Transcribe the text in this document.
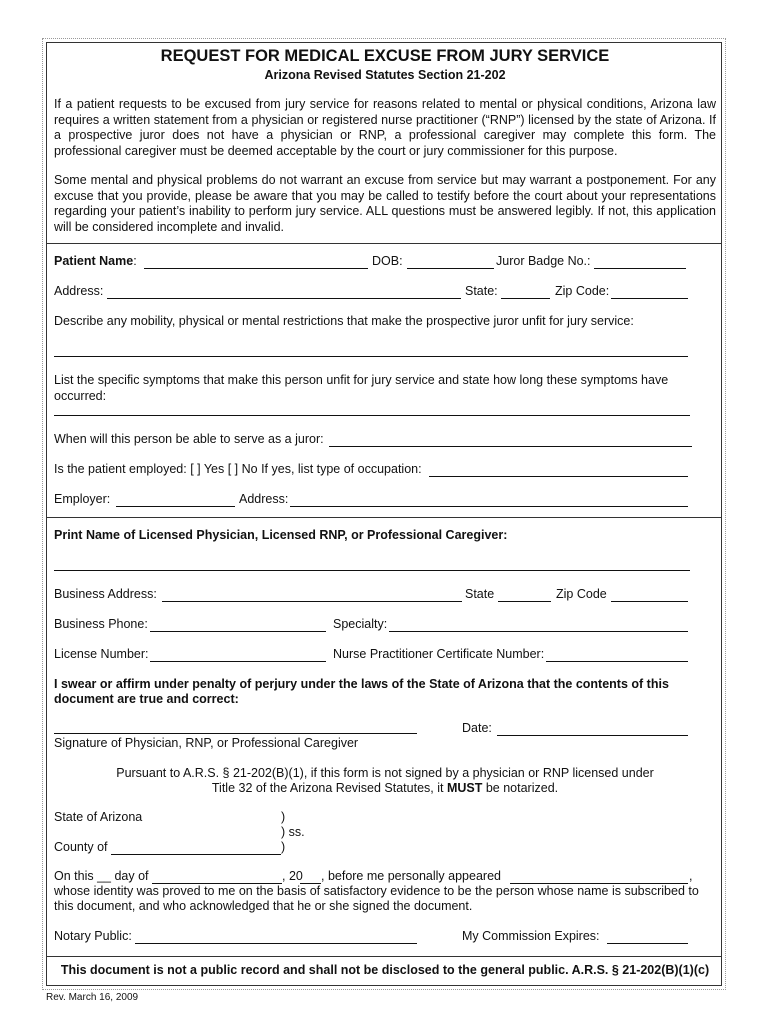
REQUEST FOR MEDICAL EXCUSE FROM JURY SERVICE
Arizona Revised Statutes Section 21-202
If a patient requests to be excused from jury service for reasons related to mental or physical conditions, Arizona law requires a written statement from a physician or registered nurse practitioner (“RNP”) licensed by the state of Arizona. If a prospective juror does not have a physician or RNP, a professional caregiver may complete this form. The professional caregiver must be deemed acceptable by the court or jury commissioner for this purpose.
Some mental and physical problems do not warrant an excuse from service but may warrant a postponement. For any excuse that you provide, please be aware that you may be called to testify before the court about your representations regarding your patient’s inability to perform jury service. ALL questions must be answered legibly. If not, this application will be considered incomplete and invalid.
Patient Name:	DOB:	Juror Badge No.:
Address:	State:	Zip Code:
Describe any mobility, physical or mental restrictions that make the prospective juror unfit for jury service:
List the specific symptoms that make this person unfit for jury service and state how long these symptoms have occurred:
When will this person be able to serve as a juror:
Is the patient employed: [ ] Yes [ ] No If yes, list type of occupation:
Employer:	Address:
Print Name of Licensed Physician, Licensed RNP, or Professional Caregiver:
Business Address:	State	Zip Code
Business Phone:	Specialty:
License Number:	Nurse Practitioner Certificate Number:
I swear or affirm under penalty of perjury under the laws of the State of Arizona that the contents of this
document are true and correct:
Date:
Signature of Physician, RNP, or Professional Caregiver
Pursuant to A.R.S. § 21-202(B)(1), if this form is not signed by a physician or RNP licensed under
Title 32 of the Arizona Revised Statutes, it MUST be notarized.
State of Arizona	)
) ss.
County of	)
On this __ day of	, 20 , before me personally appeared	,
whose identity was proved to me on the basis of satisfactory evidence to be the person whose name is subscribed to
this document, and who acknowledged that he or she signed the document.
Notary Public:	My Commission Expires:
This document is not a public record and shall not be disclosed to the general public. A.R.S. § 21-202(B)(1)(c)
Rev. March 16, 2009
